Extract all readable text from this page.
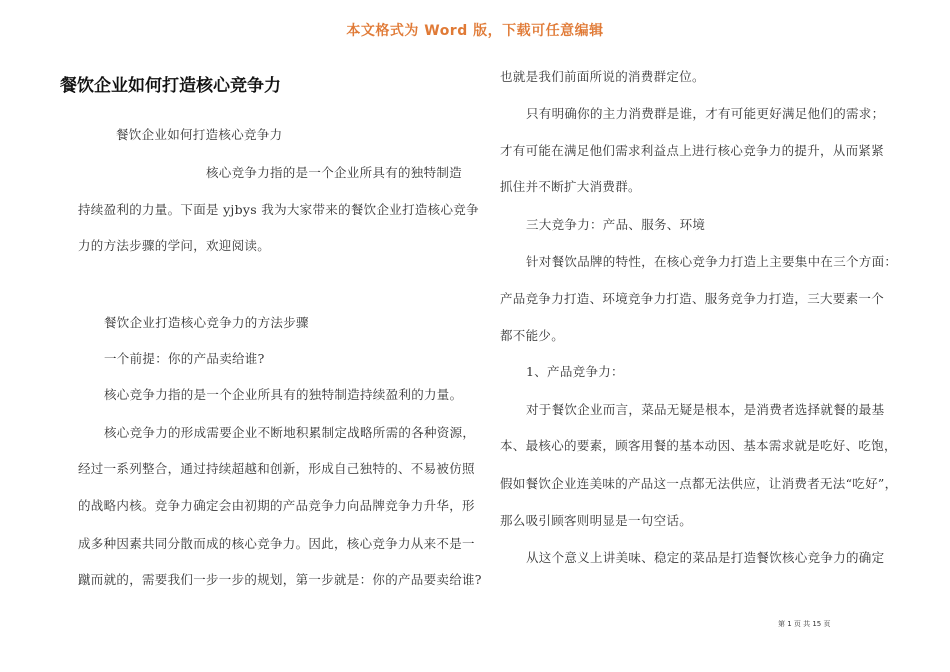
本文格式为 Word 版，下载可任意编辑
餐饮企业如何打造核心竞争力
餐饮企业如何打造核心竞争力
核心竞争力指的是一个企业所具有的独特制造
持续盈利的力量。下面是 yjbys 我为大家带来的餐饮企业打造核心竞争
力的方法步骤的学问，欢迎阅读。
餐饮企业打造核心竞争力的方法步骤
一个前提：你的产品卖给谁?
核心竞争力指的是一个企业所具有的独特制造持续盈利的力量。
核心竞争力的形成需要企业不断地积累制定战略所需的各种资源，
经过一系列整合，通过持续超越和创新，形成自己独特的、不易被仿照
的战略内核。竞争力确定会由初期的产品竞争力向品牌竞争力升华，形
成多种因素共同分散而成的核心竞争力。因此，核心竞争力从来不是一
蹴而就的，需要我们一步一步的规划，第一步就是：你的产品要卖给谁?
也就是我们前面所说的消费群定位。
只有明确你的主力消费群是谁，才有可能更好满足他们的需求；
才有可能在满足他们需求利益点上进行核心竞争力的提升，从而紧紧
抓住并不断扩大消费群。
三大竞争力：产品、服务、环境
针对餐饮品牌的特性，在核心竞争力打造上主要集中在三个方面：
产品竞争力打造、环境竞争力打造、服务竞争力打造，三大要素一个
都不能少。
1、产品竞争力：
对于餐饮企业而言，菜品无疑是根本，是消费者选择就餐的最基
本、最核心的要素，顾客用餐的基本动因、基本需求就是吃好、吃饱，
假如餐饮企业连美味的产品这一点都无法供应，让消费者无法“吃好”，
那么吸引顾客则明显是一句空话。
从这个意义上讲美味、稳定的菜品是打造餐饮核心竞争力的确定
第 1 页 共 15 页
